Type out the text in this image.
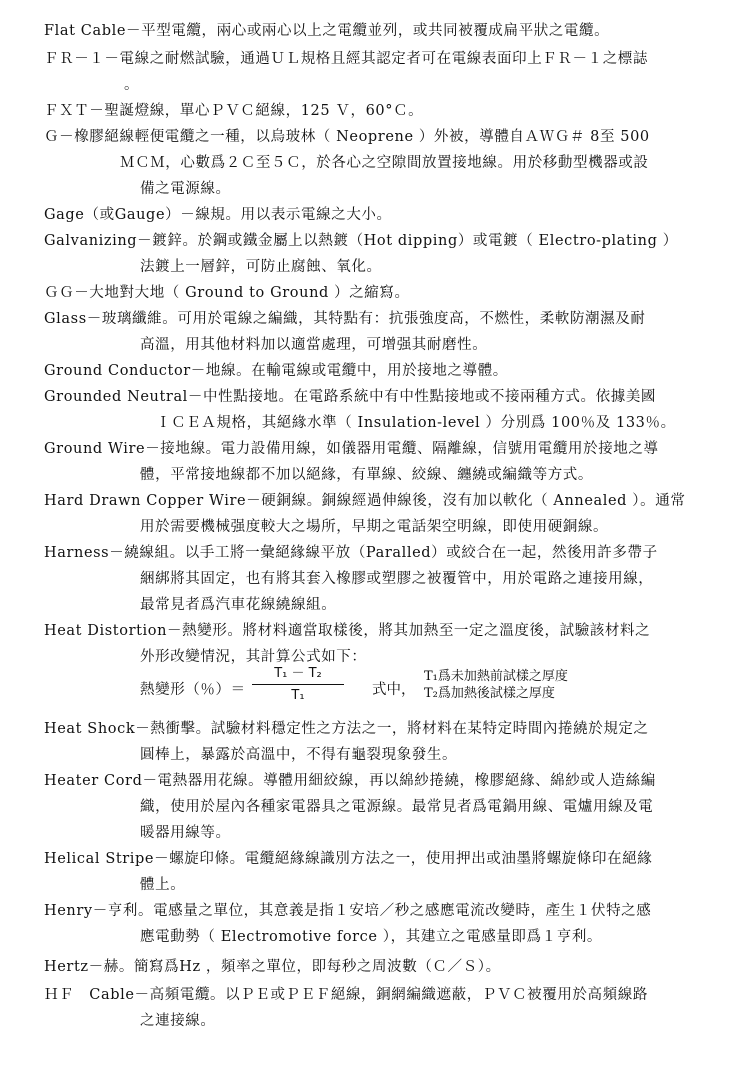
Flat Cable－平型電纜，兩心或兩心以上之電纜並列，或共同被覆成扁平狀之電纜。
ＦＲ－１－電線之耐燃試驗，通過ＵＬ規格且經其認定者可在電線表面印上ＦＲ－１之標誌
。
ＦＸＴ－聖誕燈線，單心ＰＶＣ絕線，125 Ｖ，60°Ｃ。
Ｇ－橡膠絕線輕便電纜之一種，以烏玻林（ Neoprene ）外被，導體自ＡＷＧ＃ 8至 500
ＭＣＭ，心數爲２Ｃ至５Ｃ，於各心之空隙間放置接地線。用於移動型機器或設
備之電源線。
Gage（或Gauge）－線規。用以表示電線之大小。
Galvanizing－鍍鋅。於鋼或鐵金屬上以熱鍍（Hot dipping）或電鍍（ Electro-plating ）
法鍍上一層鋅，可防止腐蝕、氧化。
ＧＧ－大地對大地（ Ground to Ground ）之縮寫。
Glass－玻璃纖維。可用於電線之編織，其特點有：抗張強度高，不燃性，柔軟防潮濕及耐
高溫，用其他材料加以適當處理，可增强其耐磨性。
Ground Conductor－地線。在輸電線或電纜中，用於接地之導體。
Grounded Neutral－中性點接地。在電路系統中有中性點接地或不接兩種方式。依據美國
ＩＣＥＡ規格，其絕緣水準（ Insulation-level ）分別爲 100％及 133％。
Ground Wire－接地線。電力設備用線，如儀器用電纜、隔離線，信號用電纜用於接地之導
體，平常接地線都不加以絕緣，有單線、絞線、纏繞或編織等方式。
Hard Drawn Copper Wire－硬銅線。銅線經過伸線後，沒有加以軟化（ Annealed ）。通常
用於需要機械强度較大之場所，早期之電話架空明線，即使用硬銅線。
Harness－繞線組。以手工將一彙絕緣線平放（Paralled）或絞合在一起，然後用許多帶子
綑綁將其固定，也有將其套入橡膠或塑膠之被覆管中，用於電路之連接用線，
最常見者爲汽車花線繞線組。
Heat Distortion－熱變形。將材料適當取樣後，將其加熱至一定之溫度後，試驗該材料之
外形改變情況，其計算公式如下：
熱變形（％）＝ $\frac{\text{T₁ － T₂}}{\text{T₁}}$ 式中，
T₁爲未加熱前試樣之厚度
T₂爲加熱後試樣之厚度
Heat Shock－熱衝擊。試驗材料穩定性之方法之一，將材料在某特定時間內捲繞於規定之
圓棒上，暴露於高溫中，不得有龜裂現象發生。
Heater Cord－電熱器用花線。導體用細絞線，再以綿紗捲繞，橡膠絕緣、綿紗或人造絲編
織，使用於屋內各種家電器具之電源線。最常見者爲電鍋用線、電爐用線及電
暖器用線等。
Helical Stripe－螺旋印條。電纜絕緣線識別方法之一，使用押出或油墨將螺旋條印在絕緣
體上。
Henry－亨利。電感量之單位，其意義是指１安培／秒之感應電流改變時，產生１伏特之感
應電動勢（ Electromotive force ），其建立之電感量即爲１亨利。
Hertz－赫。簡寫爲Hz ，頻率之單位，即每秒之周波數（Ｃ／Ｓ）。
ＨＦ　Cable－高頻電纜。以ＰＥ或ＰＥＦ絕線，銅網編織遮蔽，ＰＶＣ被覆用於高頻線路
之連接線。
